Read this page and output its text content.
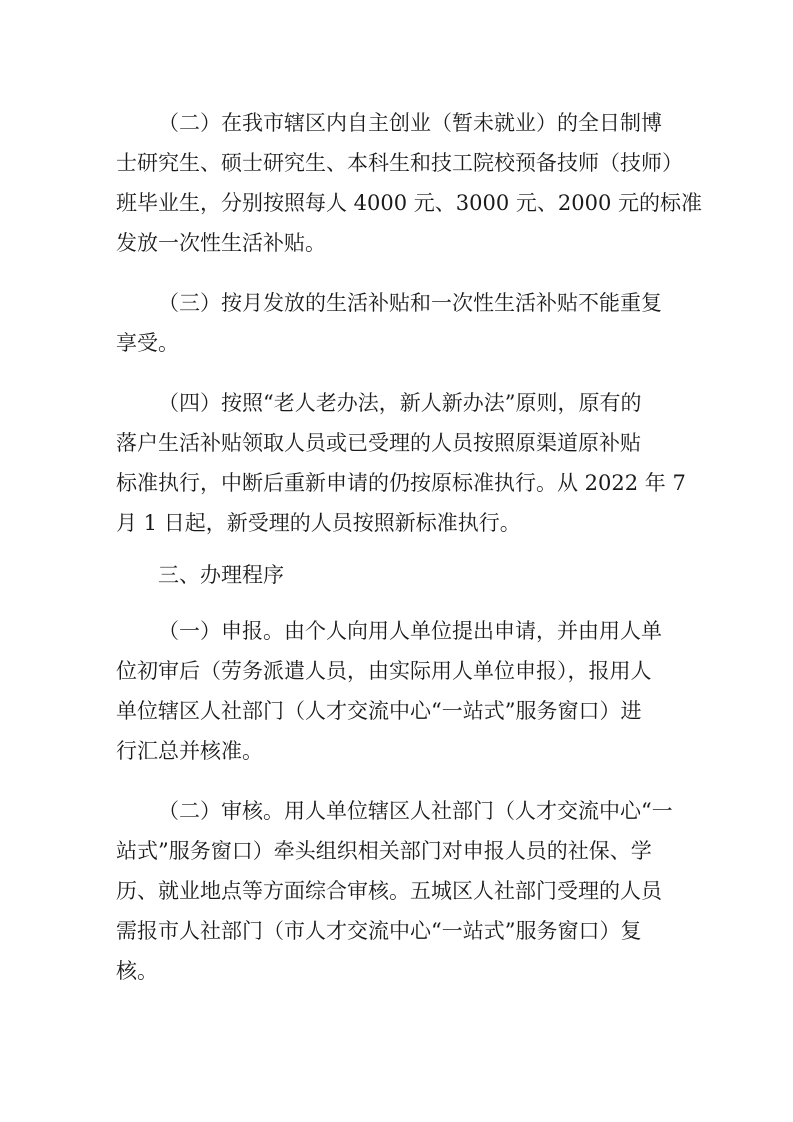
（二）在我市辖区内自主创业（暂未就业）的全日制博
士研究生、硕士研究生、本科生和技工院校预备技师（技师）
班毕业生，分别按照每人 4000 元、3000 元、2000 元的标准
发放一次性生活补贴。
（三）按月发放的生活补贴和一次性生活补贴不能重复
享受。
（四）按照“老人老办法，新人新办法”原则，原有的
落户生活补贴领取人员或已受理的人员按照原渠道原补贴
标准执行，中断后重新申请的仍按原标准执行。从 2022 年 7
月 1 日起，新受理的人员按照新标准执行。
三、办理程序
（一）申报。由个人向用人单位提出申请，并由用人单
位初审后（劳务派遣人员，由实际用人单位申报），报用人
单位辖区人社部门（人才交流中心“一站式”服务窗口）进
行汇总并核准。
（二）审核。用人单位辖区人社部门（人才交流中心“一
站式”服务窗口）牵头组织相关部门对申报人员的社保、学
历、就业地点等方面综合审核。五城区人社部门受理的人员
需报市人社部门（市人才交流中心“一站式”服务窗口）复
核。
